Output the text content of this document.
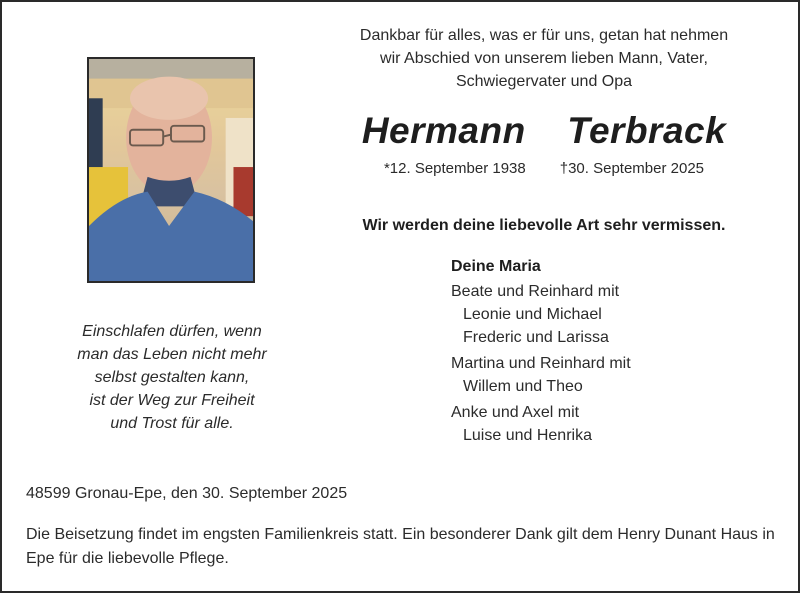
Dankbar für alles, was er für uns, getan hat nehmen
wir Abschied von unserem lieben Mann, Vater,
Schwiegervater und Opa
Hermann  Terbrack
*12. September 1938 †30. September 2025
Wir werden deine liebevolle Art sehr vermissen.
Deine Maria
Beate und Reinhard mit
Leonie und Michael
Frederic und Larissa
Martina und Reinhard mit
Willem und Theo
Anke und Axel mit
Luise und Henrika
Einschlafen dürfen, wenn
man das Leben nicht mehr
selbst gestalten kann,
ist der Weg zur Freiheit
und Trost für alle.
48599 Gronau-Epe, den 30. September 2025
Die Beisetzung findet im engsten Familienkreis statt. Ein besonderer Dank gilt dem Henry Dunant Haus in Epe für die liebevolle Pflege.
